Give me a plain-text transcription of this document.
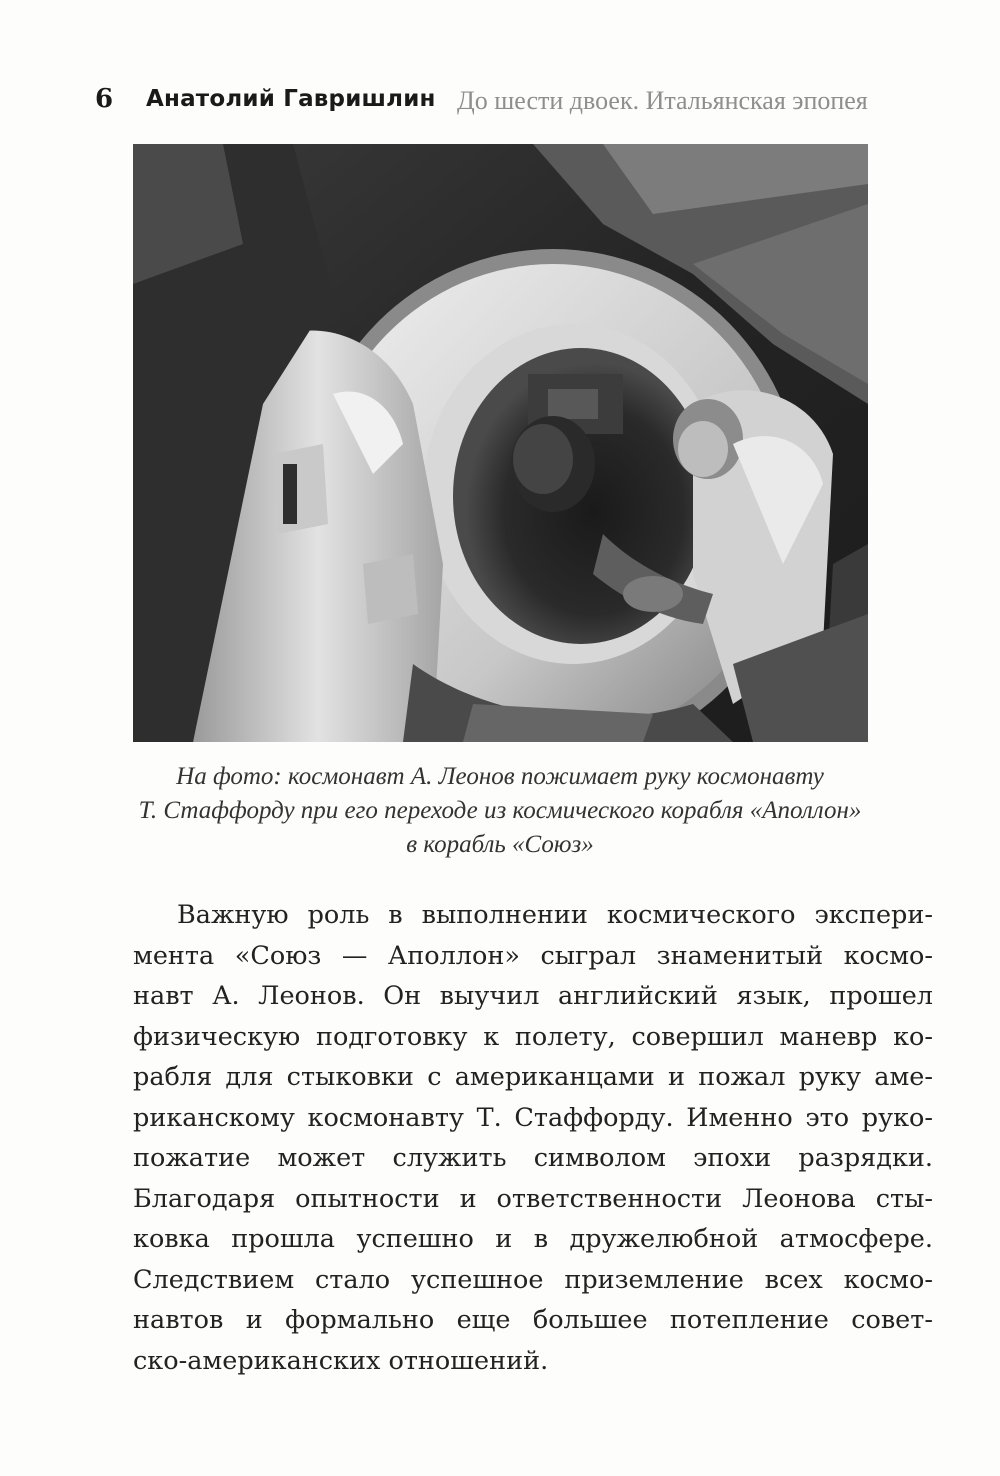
6 Анатолий Гавришлин До шести двоек. Итальянская эпопея
На фото: космонавт А. Леонов пожимает руку космонавту
Т. Стаффорду при его переходе из космического корабля «Аполлон»
в корабль «Союз»
Важную роль в выполнении космического экспери-
мента «Союз — Аполлон» сыграл знаменитый космо-
навт А. Леонов. Он выучил английский язык, прошел
физическую подготовку к полету, совершил маневр ко-
рабля для стыковки с американцами и пожал руку аме-
риканскому космонавту Т. Стаффорду. Именно это руко-
пожатие может служить символом эпохи разрядки.
Благодаря опытности и ответственности Леонова сты-
ковка прошла успешно и в дружелюбной атмосфере.
Следствием стало успешное приземление всех космо-
навтов и формально еще большее потепление совет-
ско-американских отношений.
